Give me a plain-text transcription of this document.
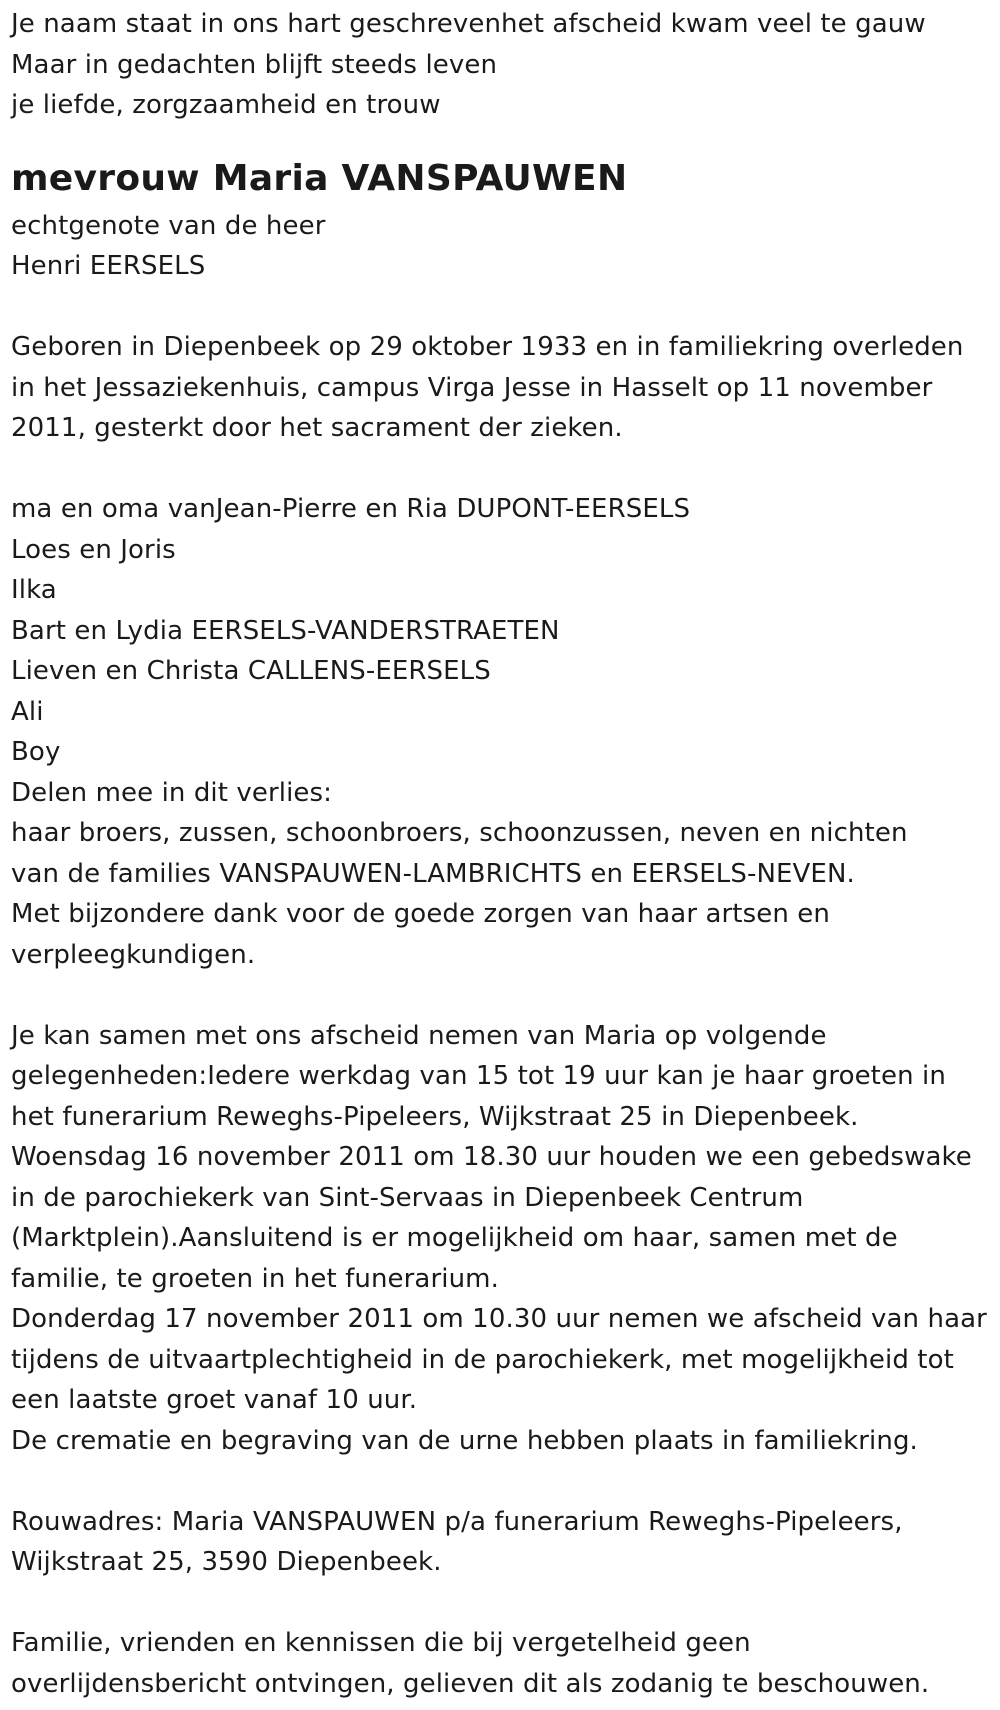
Je naam staat in ons hart geschrevenhet afscheid kwam veel te gauw
Maar in gedachten blijft steeds leven
je liefde, zorgzaamheid en trouw
mevrouw Maria VANSPAUWEN
echtgenote van de heer
Henri EERSELS
Geboren in Diepenbeek op 29 oktober 1933 en in familiekring overleden
in het Jessaziekenhuis, campus Virga Jesse in Hasselt op 11 november
2011, gesterkt door het sacrament der zieken.
ma en oma vanJean-Pierre en Ria DUPONT-EERSELS
Loes en Joris
Ilka
Bart en Lydia EERSELS-VANDERSTRAETEN
Lieven en Christa CALLENS-EERSELS
Ali
Boy
Delen mee in dit verlies:
haar broers, zussen, schoonbroers, schoonzussen, neven en nichten
van de families VANSPAUWEN-LAMBRICHTS en EERSELS-NEVEN.
Met bijzondere dank voor de goede zorgen van haar artsen en
verpleegkundigen.
Je kan samen met ons afscheid nemen van Maria op volgende
gelegenheden:Iedere werkdag van 15 tot 19 uur kan je haar groeten in
het funerarium Reweghs-Pipeleers, Wijkstraat 25 in Diepenbeek.
Woensdag 16 november 2011 om 18.30 uur houden we een gebedswake
in de parochiekerk van Sint-Servaas in Diepenbeek Centrum
(Marktplein).Aansluitend is er mogelijkheid om haar, samen met de
familie, te groeten in het funerarium.
Donderdag 17 november 2011 om 10.30 uur nemen we afscheid van haar
tijdens de uitvaartplechtigheid in de parochiekerk, met mogelijkheid tot
een laatste groet vanaf 10 uur.
De crematie en begraving van de urne hebben plaats in familiekring.
Rouwadres: Maria VANSPAUWEN p/a funerarium Reweghs-Pipeleers,
Wijkstraat 25, 3590 Diepenbeek.
Familie, vrienden en kennissen die bij vergetelheid geen
overlijdensbericht ontvingen, gelieven dit als zodanig te beschouwen.
